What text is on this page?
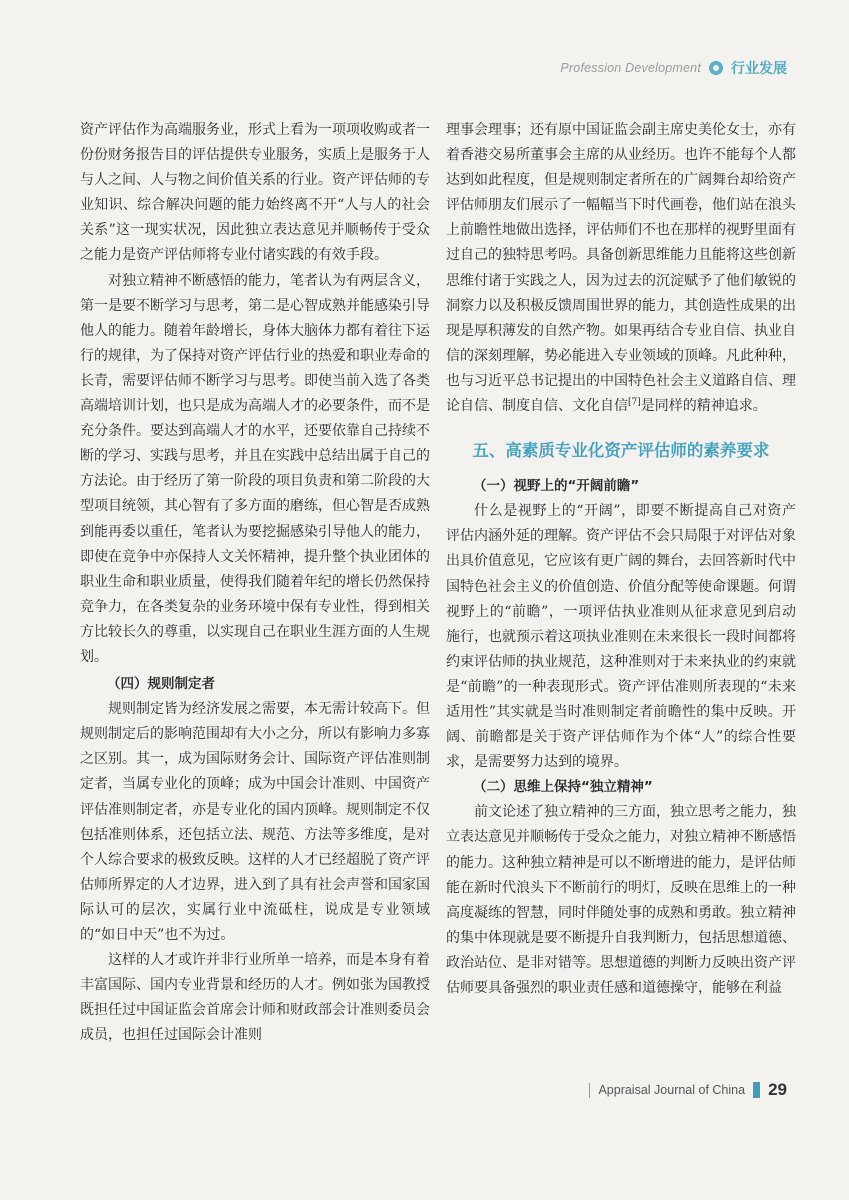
Profession Development 行业发展

资产评估作为高端服务业，形式上看为一项项收购或者一份份财务报告目的评估提供专业服务，实质上是服务于人与人之间、人与物之间价值关系的行业。资产评估师的专业知识、综合解决问题的能力始终离不开“人与人的社会关系”这一现实状况，因此独立表达意见并顺畅传于受众之能力是资产评估师将专业付诸实践的有效手段。

对独立精神不断感悟的能力，笔者认为有两层含义，第一是要不断学习与思考，第二是心智成熟并能感染引导他人的能力。随着年龄增长，身体大脑体力都有着往下运行的规律，为了保持对资产评估行业的热爱和职业寿命的长青，需要评估师不断学习与思考。即使当前入选了各类高端培训计划，也只是成为高端人才的必要条件，而不是充分条件。要达到高端人才的水平，还要依靠自己持续不断的学习、实践与思考，并且在实践中总结出属于自己的方法论。由于经历了第一阶段的项目负责和第二阶段的大型项目统领，其心智有了多方面的磨练，但心智是否成熟到能再委以重任，笔者认为要挖掘感染引导他人的能力，即使在竞争中亦保持人文关怀精神，提升整个执业团体的职业生命和职业质量，使得我们随着年纪的增长仍然保持竞争力，在各类复杂的业务环境中保有专业性，得到相关方比较长久的尊重，以实现自己在职业生涯方面的人生规划。

（四）规则制定者

规则制定皆为经济发展之需要，本无需计较高下。但规则制定后的影响范围却有大小之分，所以有影响力多寡之区别。其一，成为国际财务会计、国际资产评估准则制定者，当属专业化的顶峰；成为中国会计准则、中国资产评估准则制定者，亦是专业化的国内顶峰。规则制定不仅包括准则体系，还包括立法、规范、方法等多维度，是对个人综合要求的极致反映。这样的人才已经超脱了资产评估师所界定的人才边界，进入到了具有社会声誉和国家国际认可的层次，实属行业中流砥柱，说成是专业领域的“如日中天”也不为过。

这样的人才或许并非行业所单一培养，而是本身有着丰富国际、国内专业背景和经历的人才。例如张为国教授既担任过中国证监会首席会计师和财政部会计准则委员会成员，也担任过国际会计准则

理事会理事；还有原中国证监会副主席史美伦女士，亦有着香港交易所董事会主席的从业经历。也许不能每个人都达到如此程度，但是规则制定者所在的广阔舞台却给资产评估师朋友们展示了一幅幅当下时代画卷，他们站在浪头上前瞻性地做出选择，评估师们不也在那样的视野里面有过自己的独特思考吗。具备创新思维能力且能将这些创新思维付诸于实践之人，因为过去的沉淀赋予了他们敏锐的洞察力以及积极反馈周围世界的能力，其创造性成果的出现是厚积薄发的自然产物。如果再结合专业自信、执业自信的深刻理解，势必能进入专业领域的顶峰。凡此种种，也与习近平总书记提出的中国特色社会主义道路自信、理论自信、制度自信、文化自信[7]是同样的精神追求。

五、高素质专业化资产评估师的素养要求

（一）视野上的“开阔前瞻”

什么是视野上的“开阔”，即要不断提高自己对资产评估内涵外延的理解。资产评估不会只局限于对评估对象出具价值意见，它应该有更广阔的舞台，去回答新时代中国特色社会主义的价值创造、价值分配等使命课题。何谓视野上的“前瞻”，一项评估执业准则从征求意见到启动施行，也就预示着这项执业准则在未来很长一段时间都将约束评估师的执业规范，这种准则对于未来执业的约束就是“前瞻”的一种表现形式。资产评估准则所表现的“未来适用性”其实就是当时准则制定者前瞻性的集中反映。开阔、前瞻都是关于资产评估师作为个体“人”的综合性要求，是需要努力达到的境界。

（二）思维上保持“独立精神”

前文论述了独立精神的三方面，独立思考之能力，独立表达意见并顺畅传于受众之能力，对独立精神不断感悟的能力。这种独立精神是可以不断增进的能力，是评估师能在新时代浪头下不断前行的明灯，反映在思维上的一种高度凝练的智慧，同时伴随处事的成熟和勇敢。独立精神的集中体现就是要不断提升自我判断力，包括思想道德、政治站位、是非对错等。思想道德的判断力反映出资产评估师要具备强烈的职业责任感和道德操守，能够在利益

Appraisal Journal of China 29
